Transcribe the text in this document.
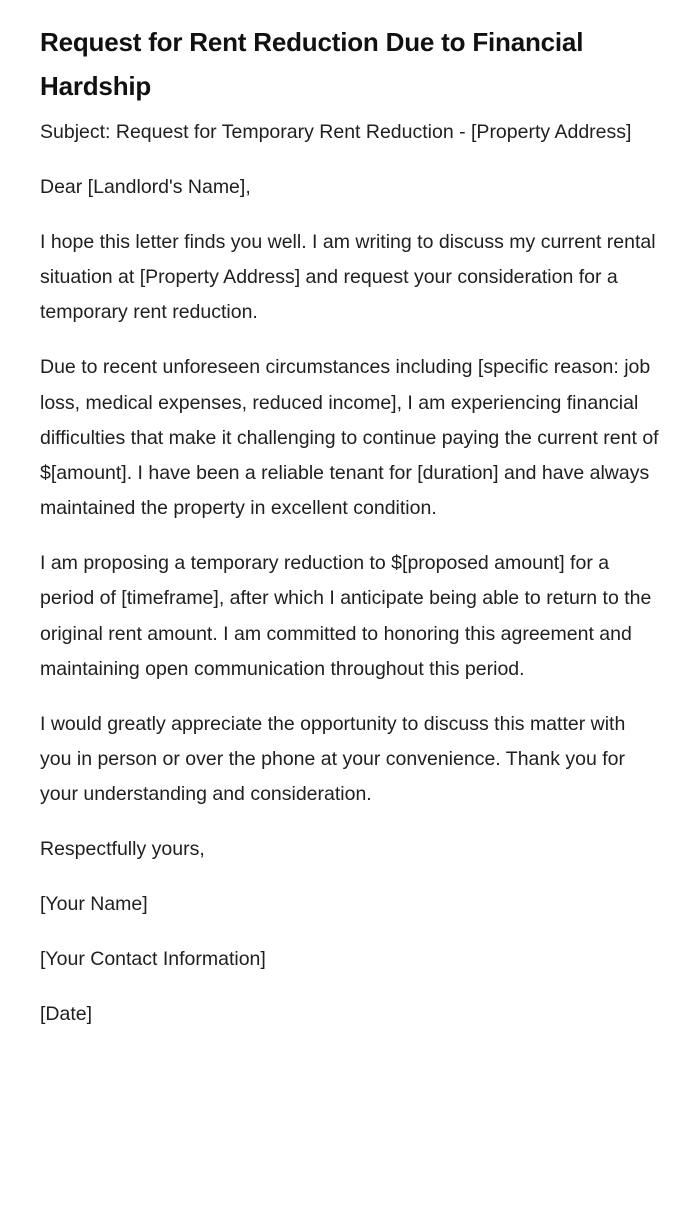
Request for Rent Reduction Due to Financial Hardship

Subject: Request for Temporary Rent Reduction - [Property Address]

Dear [Landlord's Name],

I hope this letter finds you well. I am writing to discuss my current rental situation at [Property Address] and request your consideration for a temporary rent reduction.

Due to recent unforeseen circumstances including [specific reason: job loss, medical expenses, reduced income], I am experiencing financial difficulties that make it challenging to continue paying the current rent of $[amount]. I have been a reliable tenant for [duration] and have always maintained the property in excellent condition.

I am proposing a temporary reduction to $[proposed amount] for a period of [timeframe], after which I anticipate being able to return to the original rent amount. I am committed to honoring this agreement and maintaining open communication throughout this period.

I would greatly appreciate the opportunity to discuss this matter with you in person or over the phone at your convenience. Thank you for your understanding and consideration.

Respectfully yours,

[Your Name]

[Your Contact Information]

[Date]
